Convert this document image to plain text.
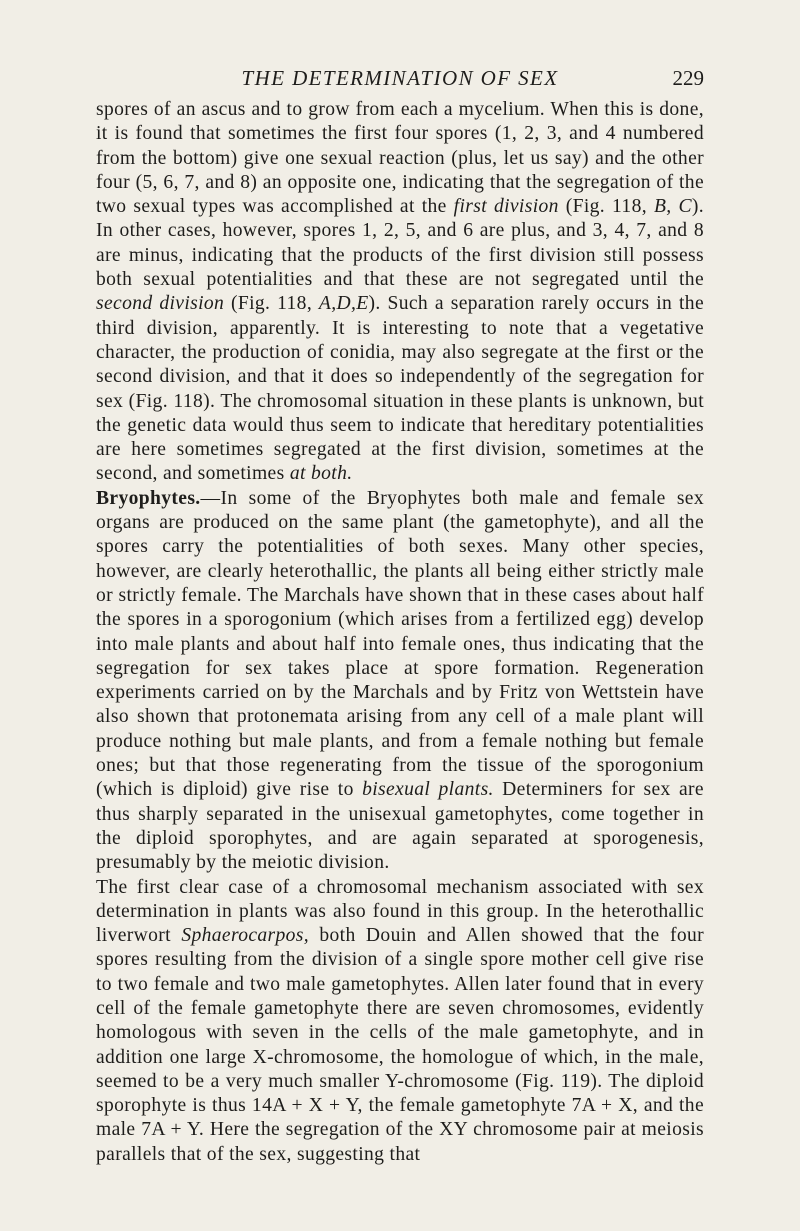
THE DETERMINATION OF SEX	229

spores of an ascus and to grow from each a mycelium. When this is done, it is found that sometimes the first four spores (1, 2, 3, and 4 numbered from the bottom) give one sexual reaction (plus, let us say) and the other four (5, 6, 7, and 8) an opposite one, indicating that the segregation of the two sexual types was accomplished at the first division (Fig. 118, B, C). In other cases, however, spores 1, 2, 5, and 6 are plus, and 3, 4, 7, and 8 are minus, indicating that the products of the first division still possess both sexual potentialities and that these are not segregated until the second division (Fig. 118, A,D,E). Such a separation rarely occurs in the third division, apparently. It is interesting to note that a vegetative character, the production of conidia, may also segregate at the first or the second division, and that it does so independently of the segregation for sex (Fig. 118). The chromosomal situation in these plants is unknown, but the genetic data would thus seem to indicate that hereditary potentialities are here sometimes segregated at the first division, sometimes at the second, and sometimes at both.

Bryophytes.—In some of the Bryophytes both male and female sex organs are produced on the same plant (the gametophyte), and all the spores carry the potentialities of both sexes. Many other species, however, are clearly heterothallic, the plants all being either strictly male or strictly female. The Marchals have shown that in these cases about half the spores in a sporogonium (which arises from a fertilized egg) develop into male plants and about half into female ones, thus indicating that the segregation for sex takes place at spore formation. Regeneration experiments carried on by the Marchals and by Fritz von Wettstein have also shown that protonemata arising from any cell of a male plant will produce nothing but male plants, and from a female nothing but female ones; but that those regenerating from the tissue of the sporogonium (which is diploid) give rise to bisexual plants. Determiners for sex are thus sharply separated in the unisexual gametophytes, come together in the diploid sporophytes, and are again separated at sporogenesis, presumably by the meiotic division.

The first clear case of a chromosomal mechanism associated with sex determination in plants was also found in this group. In the heterothallic liverwort Sphaerocarpos, both Douin and Allen showed that the four spores resulting from the division of a single spore mother cell give rise to two female and two male gametophytes. Allen later found that in every cell of the female gametophyte there are seven chromosomes, evidently homologous with seven in the cells of the male gametophyte, and in addition one large X-chromosome, the homologue of which, in the male, seemed to be a very much smaller Y-chromosome (Fig. 119). The diploid sporophyte is thus 14A + X + Y, the female gametophyte 7A + X, and the male 7A + Y. Here the segregation of the XY chromosome pair at meiosis parallels that of the sex, suggesting that
